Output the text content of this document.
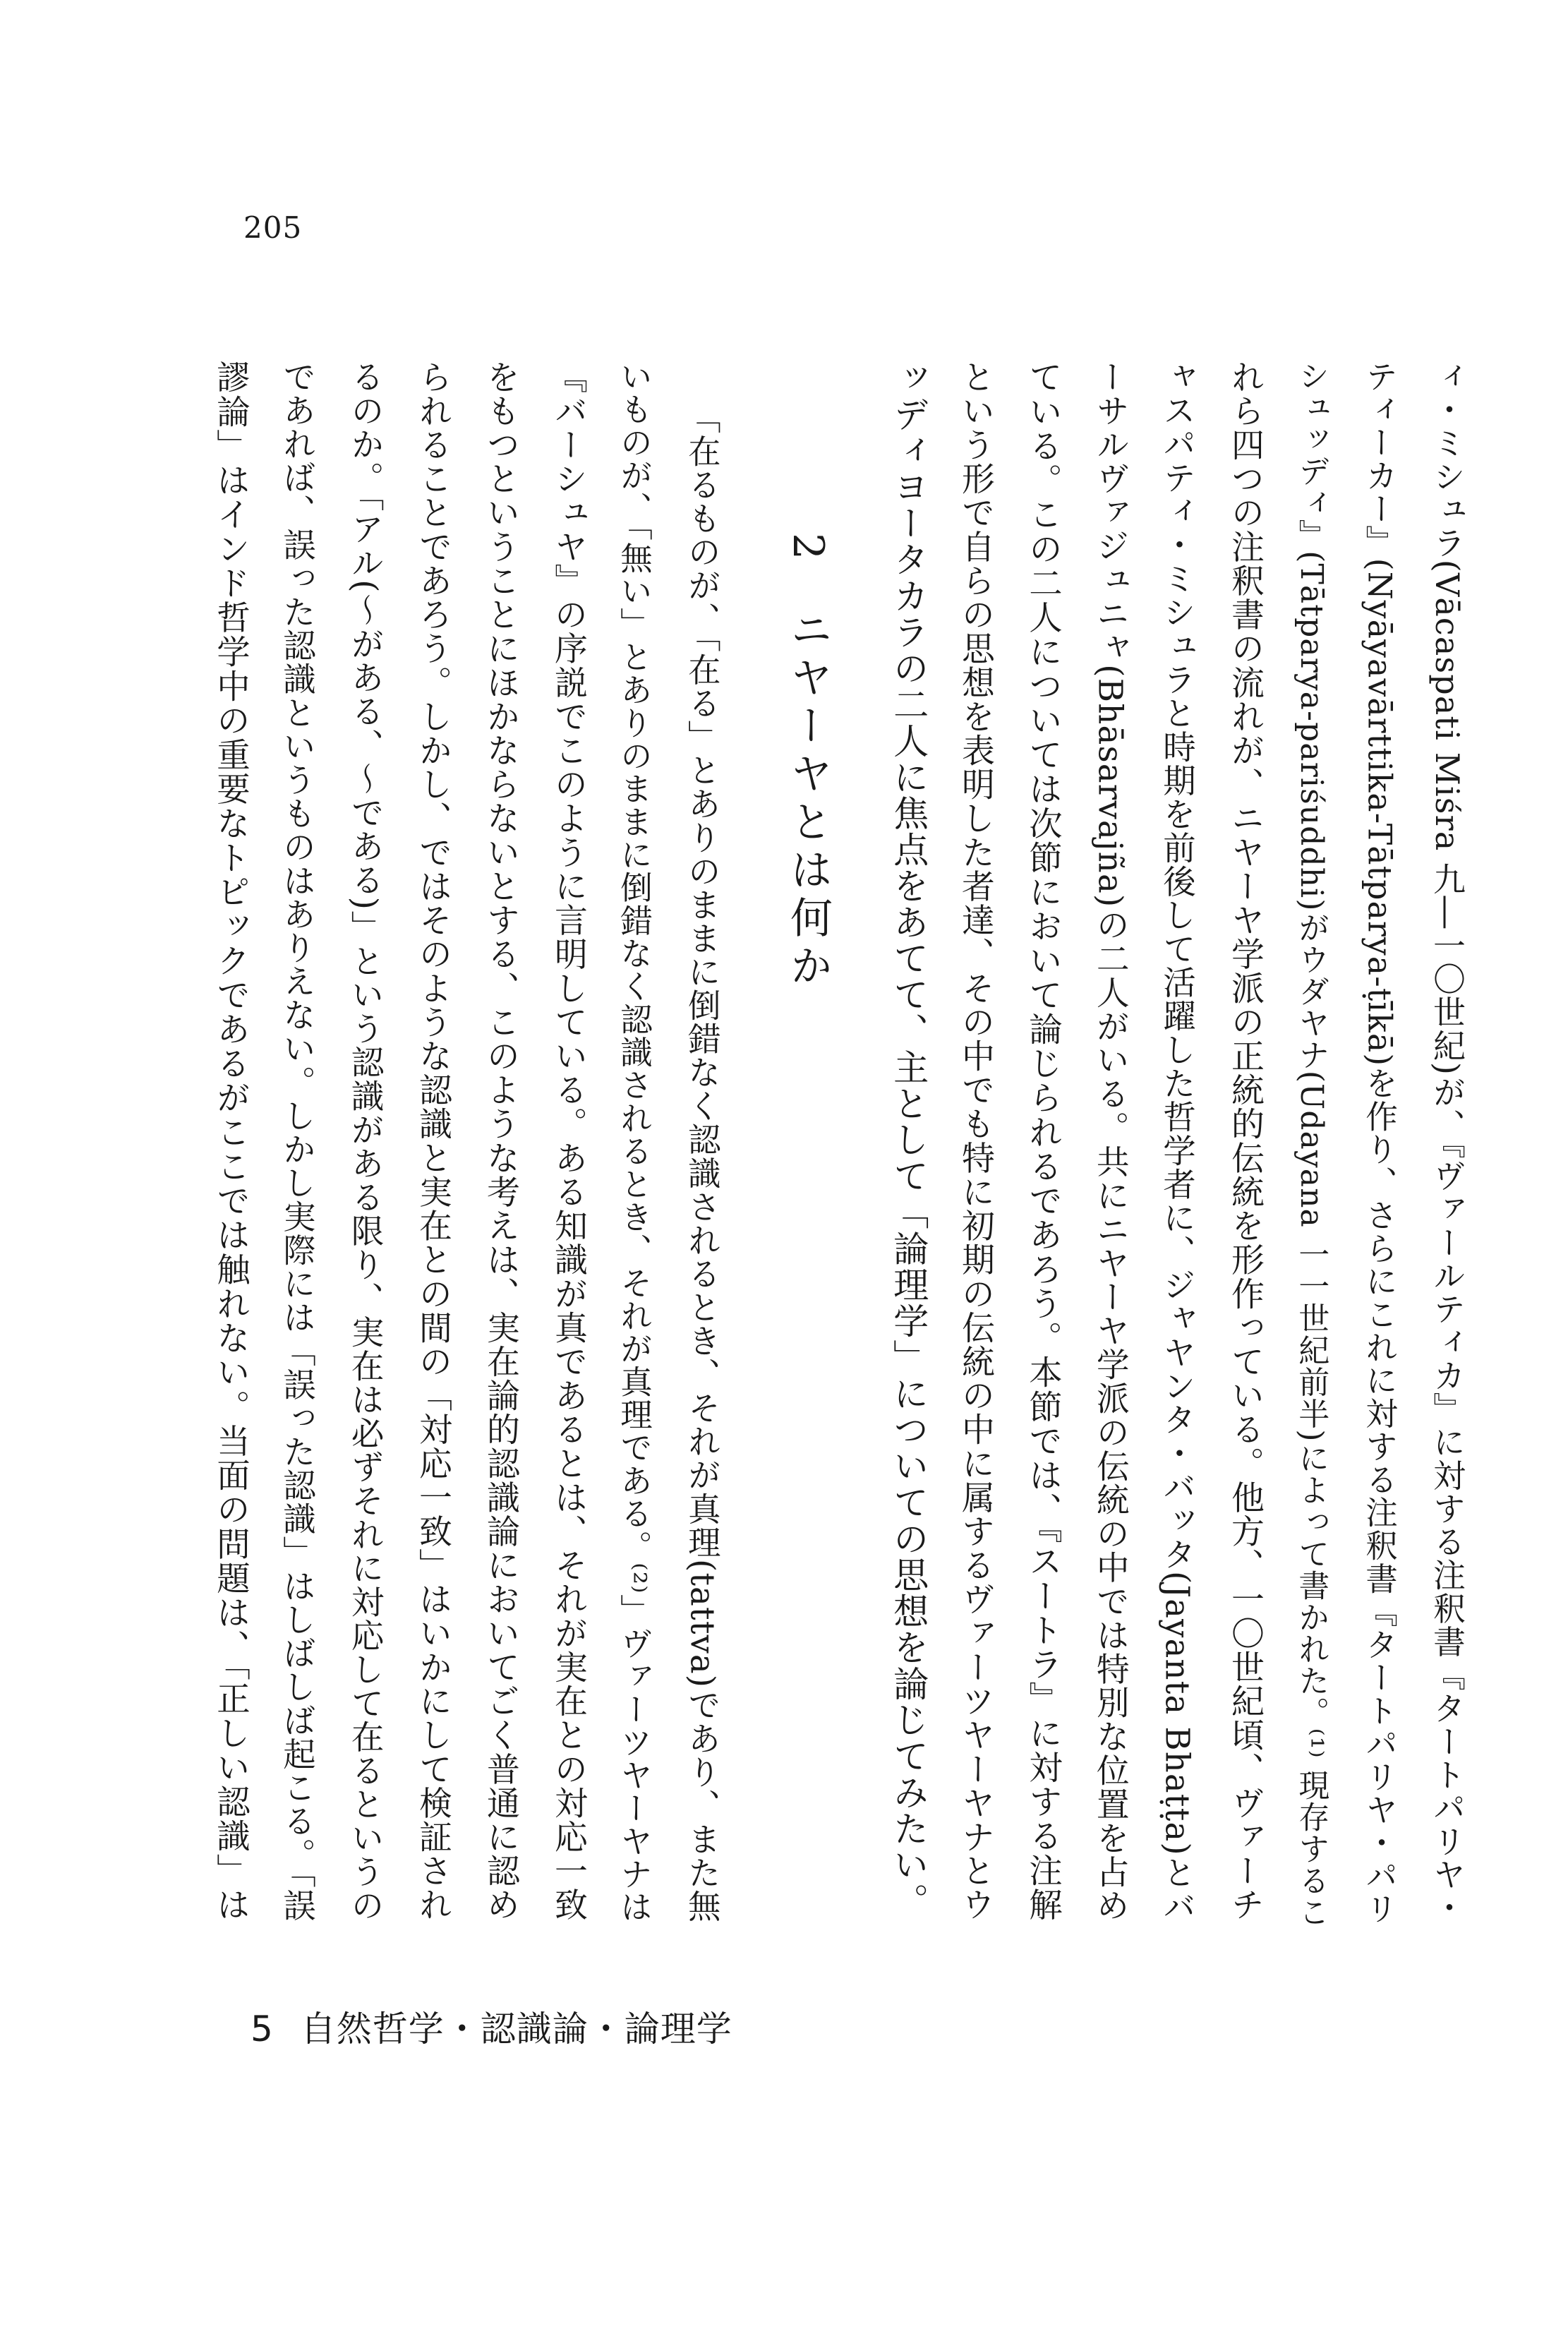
205
ィ・ミシュラ(Vācaspati Miśra 九―一〇世紀)が、『ヴァールティカ』に対する注釈書『タートパリヤ・
ティーカー』(Nyāyavārttika-Tātparya-ṭīkā)を作り、さらにこれに対する注釈書『タートパリヤ・パリ
シュッディ』(Tātparya-pariśuddhi)がウダヤナ(Udayana 一一世紀前半)によって書かれた。⁽¹⁾ 現存するこ
れら四つの注釈書の流れが、ニヤーヤ学派の正統的伝統を形作っている。他方、一〇世紀頃、ヴァーチ
ャスパティ・ミシュラと時期を前後して活躍した哲学者に、ジャヤンタ・バッタ(Jayanta Bhaṭṭa)とバ
ーサルヴァジュニャ(Bhāsarvajña)の二人がいる。共にニヤーヤ学派の伝統の中では特別な位置を占め
ている。この二人については次節において論じられるであろう。本節では、『スートラ』に対する注解
という形で自らの思想を表明した者達、その中でも特に初期の伝統の中に属するヴァーツヤーヤナとウ
ッディヨータカラの二人に焦点をあてて、主として「論理学」についての思想を論じてみたい。
2ニヤーヤとは何か
「在るものが、「在る」とありのままに倒錯なく認識されるとき、それが真理(tattva)であり、また無
いものが、「無い」とありのままに倒錯なく認識されるとき、それが真理である。⁽²⁾」ヴァーツヤーヤナは
『バーシュヤ』の序説でこのように言明している。ある知識が真であるとは、それが実在との対応一致
をもつということにほかならないとする、このような考えは、実在論的認識論においてごく普通に認め
られることであろう。しかし、ではそのような認識と実在との間の「対応一致」はいかにして検証され
るのか。「アル(〜がある、〜である)」という認識がある限り、実在は必ずそれに対応して在るというの
であれば、誤った認識というものはありえない。しかし実際には「誤った認識」はしばしば起こる。「誤
謬論」はインド哲学中の重要なトピックであるがここでは触れない。当面の問題は、「正しい認識」は
5 自然哲学・認識論・論理学
